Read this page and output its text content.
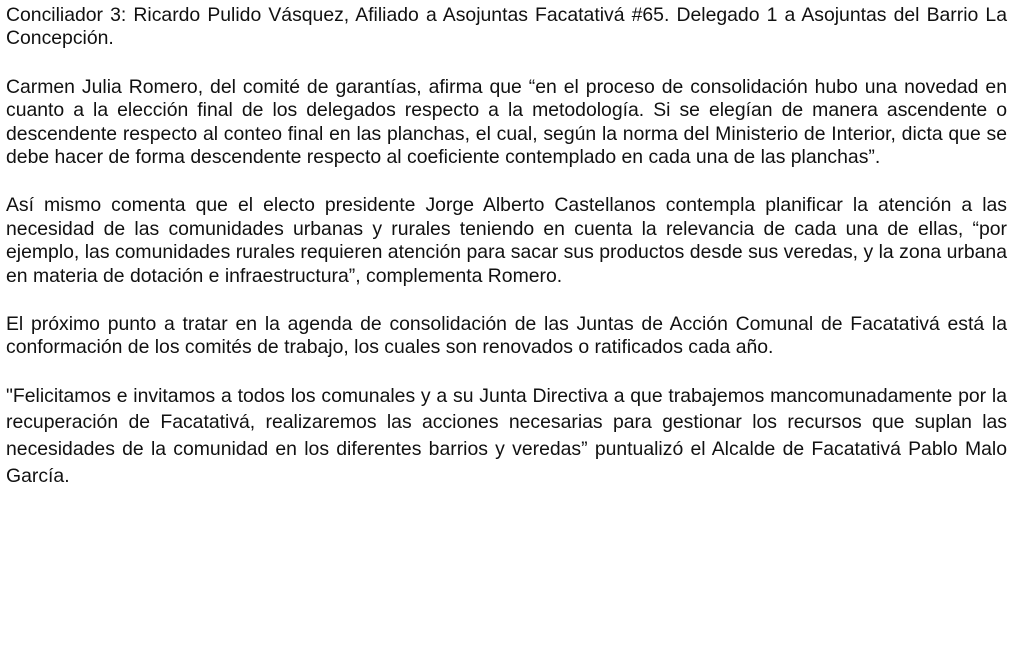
Conciliador 3: Ricardo Pulido Vásquez, Afiliado a Asojuntas Facatativá #65. Delegado 1 a Asojuntas del Barrio La Concepción.

Carmen Julia Romero, del comité de garantías, afirma que “en el proceso de consolidación hubo una novedad en cuanto a la elección final de los delegados respecto a la metodología. Si se elegían de manera ascendente o descendente respecto al conteo final en las planchas, el cual, según la norma del Ministerio de Interior, dicta que se debe hacer de forma descendente respecto al coeficiente contemplado en cada una de las planchas”.

Así mismo comenta que el electo presidente Jorge Alberto Castellanos contempla planificar la atención a las necesidad de las comunidades urbanas y rurales teniendo en cuenta la relevancia de cada una de ellas, “por ejemplo, las comunidades rurales requieren atención para sacar sus productos desde sus veredas, y la zona urbana en materia de dotación e infraestructura”, complementa Romero.

El próximo punto a tratar en la agenda de consolidación de las Juntas de Acción Comunal de Facatativá está la conformación de los comités de trabajo, los cuales son renovados o ratificados cada año.

"Felicitamos e invitamos a todos los comunales y a su Junta Directiva a que trabajemos mancomunadamente por la recuperación de Facatativá, realizaremos las acciones necesarias para gestionar los recursos que suplan las necesidades de la comunidad en los diferentes barrios y veredas” puntualizó el Alcalde de Facatativá Pablo Malo García.
